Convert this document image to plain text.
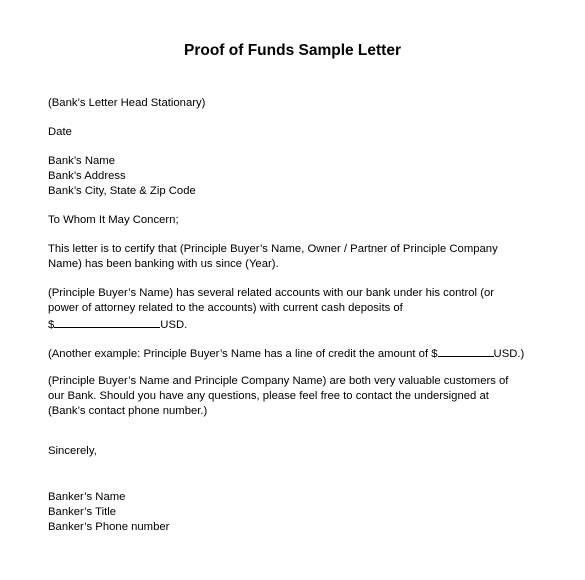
Proof of Funds Sample Letter

(Bank’s Letter Head Stationary)

Date

Bank’s Name

Bank’s Address

Bank’s City, State & Zip Code

To Whom It May Concern;

This letter is to certify that (Principle Buyer’s Name, Owner / Partner of Principle Company

Name) has been banking with us since (Year).

(Principle Buyer’s Name) has several related accounts with our bank under his control (or

power of attorney related to the accounts) with current cash deposits of

$	USD.

(Another example: Principle Buyer’s Name has a line of credit the amount of $	USD.)

(Principle Buyer’s Name and Principle Company Name) are both very valuable customers of

our Bank. Should you have any questions, please feel free to contact the undersigned at

(Bank’s contact phone number.)

Sincerely,

Banker’s Name

Banker’s Title

Banker’s Phone number
